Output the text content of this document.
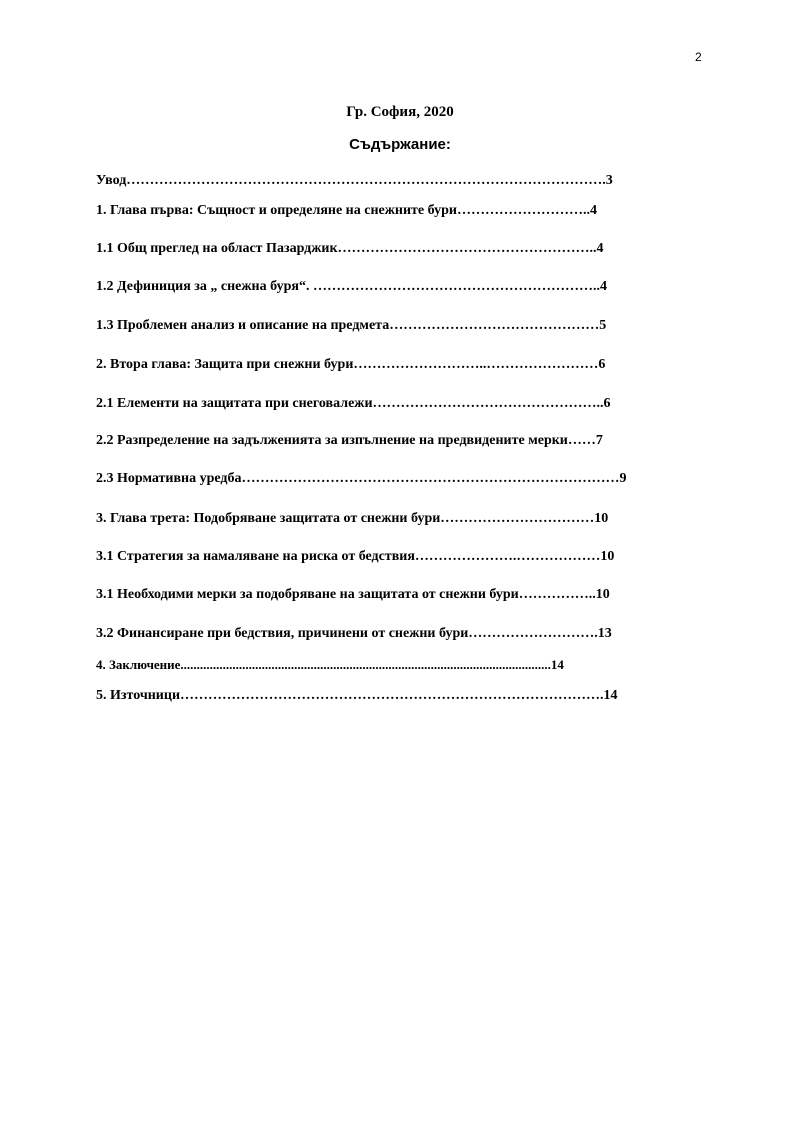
2
Гр. София, 2020
Съдържание:
Увод………………………………………………………………………………………….3
1. Глава първа: Същност и определяне на снежните бури………………………..4
1.1 Общ преглед на област Пазарджик………………………………………………..4
1.2 Дефиниция за „ снежна буря“. ……………………………………………………..4
1.3 Проблемен анализ и описание на предмета………………………………………5
2. Втора глава: Защита при снежни бури………………………..……………………6
2.1 Елементи на защитата при снеговалежи…………………………………………..6
2.2 Разпределение на задълженията за изпълнение на предвидените мерки……7
2.3 Нормативна уредба………………………………………………………………………9
3. Глава трета: Подобряване защитата от снежни бури……………………………10
3.1 Стратегия за намаляване на риска от бедствия………………….………………10
3.1 Необходими мерки за подобряване на защитата от снежни бури……………..10
3.2 Финансиране при бедствия, причинени от снежни бури……………………….13
4. Заключение..................................................................................................................14
5. Източници……………………………………………………………………………….14
